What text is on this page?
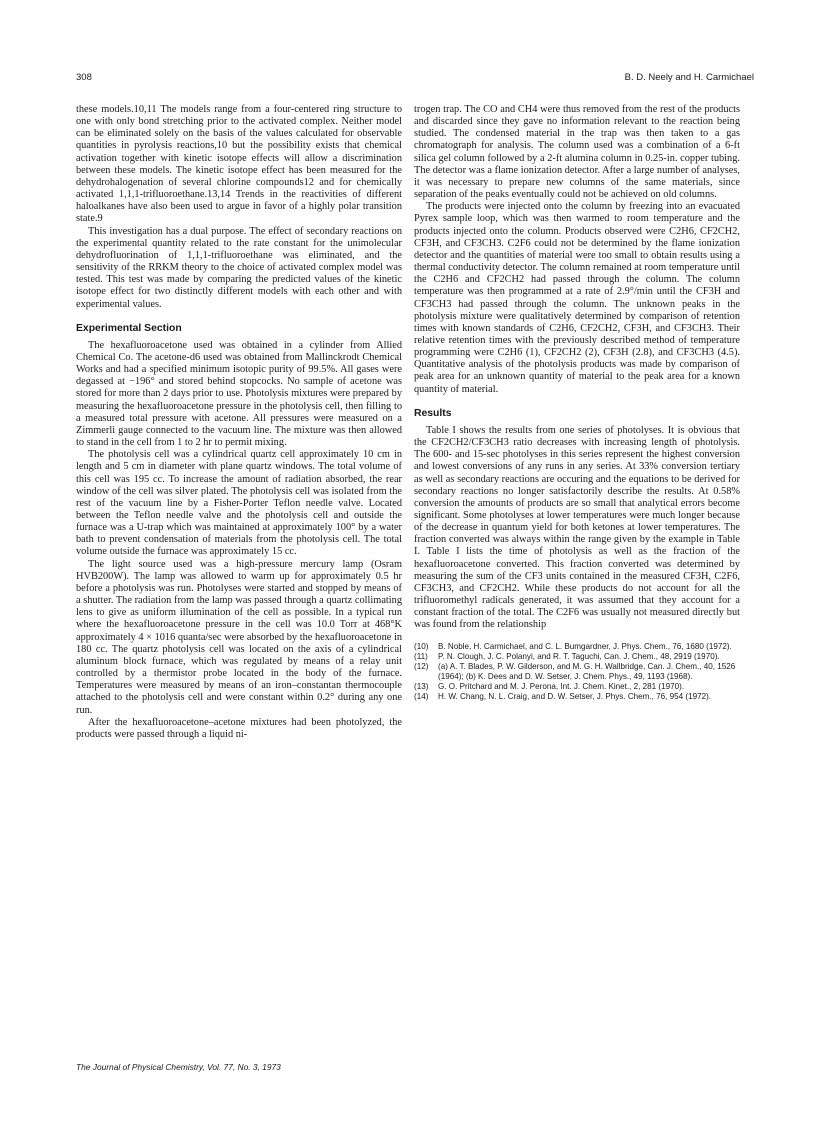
308	B. D. Neely and H. Carmichael

these models.10,11 The models range from a four-centered ring structure to one with only bond stretching prior to the activated complex. Neither model can be eliminated solely on the basis of the values calculated for observable quantities in pyrolysis reactions,10 but the possibility exists that chemical activation together with kinetic isotope effects will allow a discrimination between these models. The kinetic isotope effect has been measured for the dehydrohalogenation of several chlorine compounds12 and for chemically activated 1,1,1-trifluoroethane.13,14 Trends in the reactivities of different haloalkanes have also been used to argue in favor of a highly polar transition state.9

This investigation has a dual purpose. The effect of secondary reactions on the experimental quantity related to the rate constant for the unimolecular dehydrofluorination of 1,1,1-trifluoroethane was eliminated, and the sensitivity of the RRKM theory to the choice of activated complex model was tested. This test was made by comparing the predicted values of the kinetic isotope effect for two distinctly different models with each other and with experimental values.

Experimental Section

The hexafluoroacetone used was obtained in a cylinder from Allied Chemical Co. The acetone-d6 used was obtained from Mallinckrodt Chemical Works and had a specified minimum isotopic purity of 99.5%. All gases were degassed at −196° and stored behind stopcocks. No sample of acetone was stored for more than 2 days prior to use. Photolysis mixtures were prepared by measuring the hexafluoroacetone pressure in the photolysis cell, then filling to a measured total pressure with acetone. All pressures were measured on a Zimmerli gauge connected to the vacuum line. The mixture was then allowed to stand in the cell from 1 to 2 hr to permit mixing.

The photolysis cell was a cylindrical quartz cell approximately 10 cm in length and 5 cm in diameter with plane quartz windows. The total volume of this cell was 195 cc. To increase the amount of radiation absorbed, the rear window of the cell was silver plated. The photolysis cell was isolated from the rest of the vacuum line by a Fisher-Porter Teflon needle valve. Located between the Teflon needle valve and the photolysis cell and outside the furnace was a U-trap which was maintained at approximately 100° by a water bath to prevent condensation of materials from the photolysis cell. The total volume outside the furnace was approximately 15 cc.

The light source used was a high-pressure mercury lamp (Osram HVB200W). The lamp was allowed to warm up for approximately 0.5 hr before a photolysis was run. Photolyses were started and stopped by means of a shutter. The radiation from the lamp was passed through a quartz collimating lens to give as uniform illumination of the cell as possible. In a typical run where the hexafluoroacetone pressure in the cell was 10.0 Torr at 468°K approximately 4 × 1016 quanta/sec were absorbed by the hexafluoroacetone in 180 cc. The quartz photolysis cell was located on the axis of a cylindrical aluminum block furnace, which was regulated by means of a relay unit controlled by a thermistor probe located in the body of the furnace. Temperatures were measured by means of an iron–constantan thermocouple attached to the photolysis cell and were constant within 0.2° during any one run.

After the hexafluoroacetone–acetone mixtures had been photolyzed, the products were passed through a liquid ni-

trogen trap. The CO and CH4 were thus removed from the rest of the products and discarded since they gave no information relevant to the reaction being studied. The condensed material in the trap was then taken to a gas chromatograph for analysis. The column used was a combination of a 6-ft silica gel column followed by a 2-ft alumina column in 0.25-in. copper tubing. The detector was a flame ionization detector. After a large number of analyses, it was necessary to prepare new columns of the same materials, since separation of the peaks eventually could not be achieved on old columns.

The products were injected onto the column by freezing into an evacuated Pyrex sample loop, which was then warmed to room temperature and the products injected onto the column. Products observed were C2H6, CF2CH2, CF3H, and CF3CH3. C2F6 could not be determined by the flame ionization detector and the quantities of material were too small to obtain results using a thermal conductivity detector. The column remained at room temperature until the C2H6 and CF2CH2 had passed through the column. The column temperature was then programmed at a rate of 2.9°/min until the CF3H and CF3CH3 had passed through the column. The unknown peaks in the photolysis mixture were qualitatively determined by comparison of retention times with known standards of C2H6, CF2CH2, CF3H, and CF3CH3. Their relative retention times with the previously described method of temperature programming were C2H6 (1), CF2CH2 (2), CF3H (2.8), and CF3CH3 (4.5). Quantitative analysis of the photolysis products was made by comparison of peak area for an unknown quantity of material to the peak area for a known quantity of material.

Results

Table I shows the results from one series of photolyses. It is obvious that the CF2CH2/CF3CH3 ratio decreases with increasing length of photolysis. The 600- and 15-sec photolyses in this series represent the highest conversion and lowest conversions of any runs in any series. At 33% conversion tertiary as well as secondary reactions are occuring and the equations to be derived for secondary reactions no longer satisfactorily describe the results. At 0.58% conversion the amounts of products are so small that analytical errors become significant. Some photolyses at lower temperatures were much longer because of the decrease in quantum yield for both ketones at lower temperatures. The fraction converted was always within the range given by the example in Table I. Table I lists the time of photolysis as well as the fraction of the hexafluoroacetone converted. This fraction converted was determined by measuring the sum of the CF3 units contained in the measured CF3H, C2F6, CF3CH3, and CF2CH2. While these products do not account for all the trifluoromethyl radicals generated, it was assumed that they account for a constant fraction of the total. The C2F6 was usually not measured directly but was found from the relationship

(10)	B. Noble, H. Carmichael, and C. L. Bumgardner, J. Phys. Chem., 76, 1680 (1972).
(11)	P. N. Clough, J. C. Polanyi, and R. T. Taguchi, Can. J. Chem., 48, 2919 (1970).
(12)	(a) A. T. Blades, P. W. Gilderson, and M. G. H. Wallbridge, Can. J. Chem., 40, 1526 (1964); (b) K. Dees and D. W. Setser, J. Chem. Phys., 49, 1193 (1968).
(13)	G. O. Pritchard and M. J. Perona, Int. J. Chem. Kinet., 2, 281 (1970).
(14)	H. W. Chang, N. L. Craig, and D. W. Setser, J. Phys. Chem., 76, 954 (1972).
The Journal of Physical Chemistry, Vol. 77, No. 3, 1973
